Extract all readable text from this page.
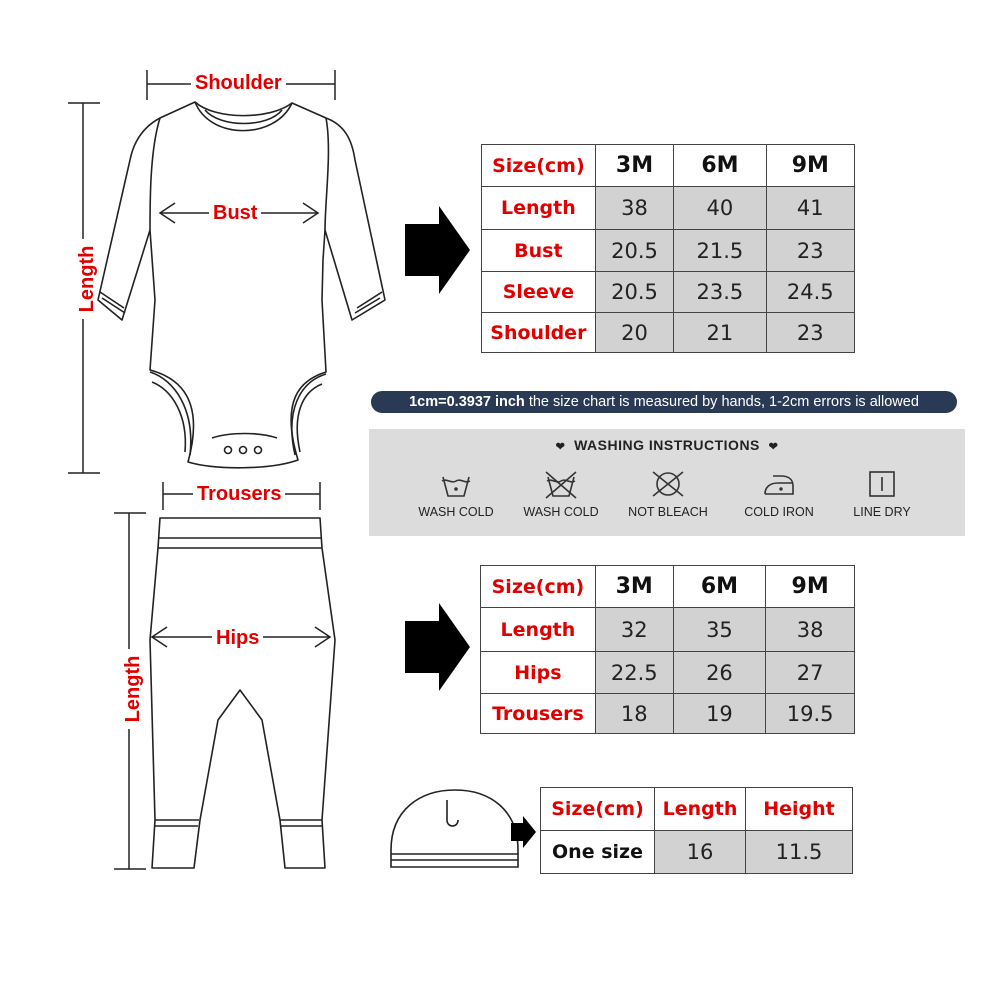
Shoulder
Bust
Length
Trousers
Hips
Length
Size(cm)	3M	6M	9M
Length	38	40	41
Bust	20.5	21.5	23
Sleeve	20.5	23.5	24.5
Shoulder	20	21	23
1cm=0.3937 inch the size chart is measured by hands, 1-2cm errors is allowed
❤ WASHING INSTRUCTIONS ❤
WASH COLD	WASH COLD	NOT BLEACH	COLD IRON	LINE DRY
Size(cm)	3M	6M	9M
Length	32	35	38
Hips	22.5	26	27
Trousers	18	19	19.5
Size(cm)	Length	Height
One size	16	11.5
